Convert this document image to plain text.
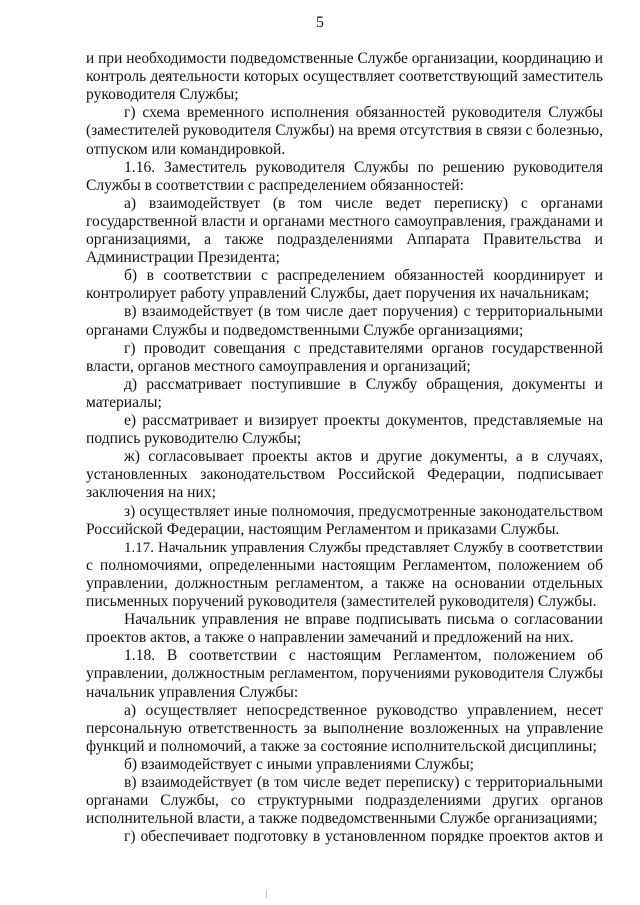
5
и при необходимости подведомственные Службе организации, координацию и
контроль деятельности которых осуществляет соответствующий заместитель
руководителя Службы;
г) схема временного исполнения обязанностей руководителя Службы
(заместителей руководителя Службы) на время отсутствия в связи с болезнью,
отпуском или командировкой.
1.16. Заместитель руководителя Службы по решению руководителя
Службы в соответствии с распределением обязанностей:
а) взаимодействует (в том числе ведет переписку) с органами
государственной власти и органами местного самоуправления, гражданами и
организациями, а также подразделениями Аппарата Правительства и
Администрации Президента;
б) в соответствии с распределением обязанностей координирует и
контролирует работу управлений Службы, дает поручения их начальникам;
в) взаимодействует (в том числе дает поручения) с территориальными
органами Службы и подведомственными Службе организациями;
г) проводит совещания с представителями органов государственной
власти, органов местного самоуправления и организаций;
д) рассматривает поступившие в Службу обращения, документы и
материалы;
е) рассматривает и визирует проекты документов, представляемые на
подпись руководителю Службы;
ж) согласовывает проекты актов и другие документы, а в случаях,
установленных законодательством Российской Федерации, подписывает
заключения на них;
з) осуществляет иные полномочия, предусмотренные законодательством
Российской Федерации, настоящим Регламентом и приказами Службы.
1.17. Начальник управления Службы представляет Службу в соответствии
с полномочиями, определенными настоящим Регламентом, положением об
управлении, должностным регламентом, а также на основании отдельных
письменных поручений руководителя (заместителей руководителя) Службы.
Начальник управления не вправе подписывать письма о согласовании
проектов актов, а также о направлении замечаний и предложений на них.
1.18. В соответствии с настоящим Регламентом, положением об
управлении, должностным регламентом, поручениями руководителя Службы
начальник управления Службы:
а) осуществляет непосредственное руководство управлением, несет
персональную ответственность за выполнение возложенных на управление
функций и полномочий, а также за состояние исполнительской дисциплины;
б) взаимодействует с иными управлениями Службы;
в) взаимодействует (в том числе ведет переписку) с территориальными
органами Службы, со структурными подразделениями других органов
исполнительной власти, а также подведомственными Службе организациями;
г) обеспечивает подготовку в установленном порядке проектов актов и
